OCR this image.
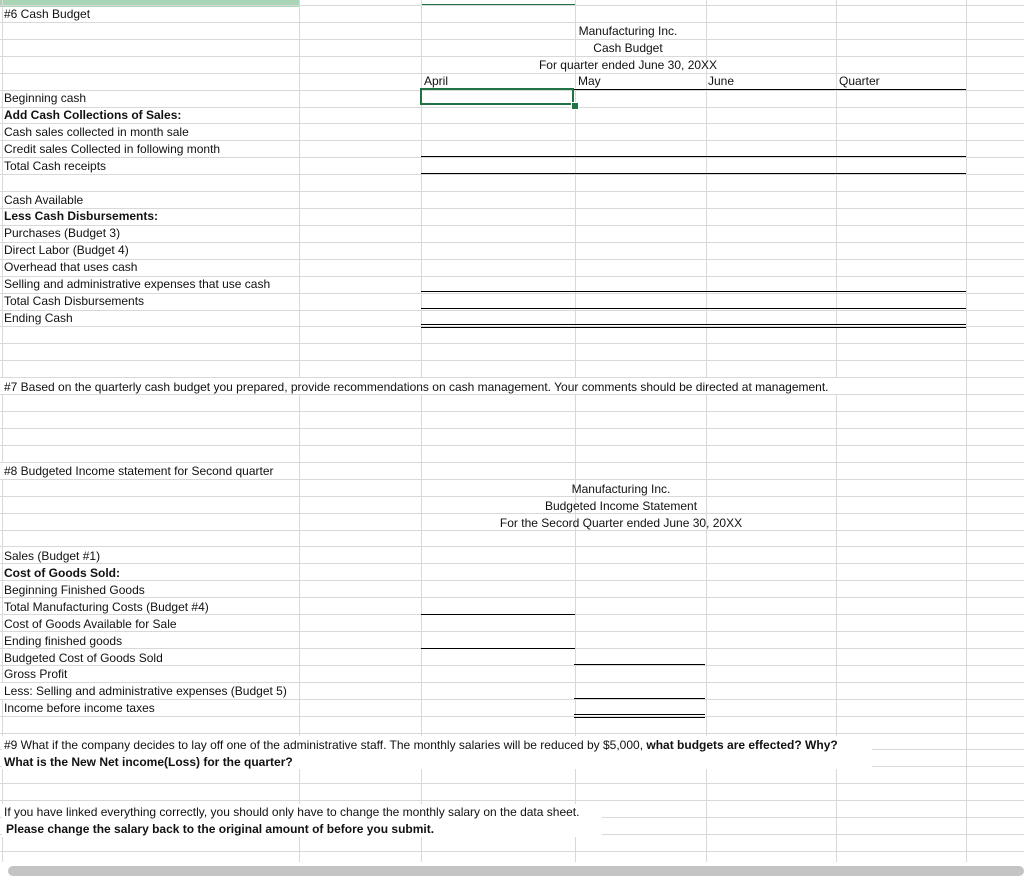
#6 Cash Budget
Manufacturing Inc.
Cash Budget
For quarter ended June 30, 20XX
April	May	June	Quarter
Beginning cash
Add Cash Collections of Sales:
Cash sales collected in month sale
Credit sales Collected in following month
Total Cash receipts
Cash Available
Less Cash Disbursements:
Purchases (Budget 3)
Direct Labor (Budget 4)
Overhead that uses cash
Selling and administrative expenses that use cash
Total Cash Disbursements
Ending Cash
#7 Based on the quarterly cash budget you prepared, provide recommendations on cash management. Your comments should be directed at management.
#8 Budgeted Income statement for Second quarter
Manufacturing Inc.
Budgeted Income Statement
For the Secord Quarter ended June 30, 20XX
Sales (Budget #1)
Cost of Goods Sold:
Beginning Finished Goods
Total Manufacturing Costs (Budget #4)
Cost of Goods Available for Sale
Ending finished goods
Budgeted Cost of Goods Sold
Gross Profit
Less: Selling and administrative expenses (Budget 5)
Income before income taxes
#9 What if the company decides to lay off one of the administrative staff. The monthly salaries will be reduced by $5,000, what budgets are effected? Why?
What is the New Net income(Loss) for the quarter?
If you have linked everything correctly, you should only have to change the monthly salary on the data sheet.
Please change the salary back to the original amount of before you submit.
